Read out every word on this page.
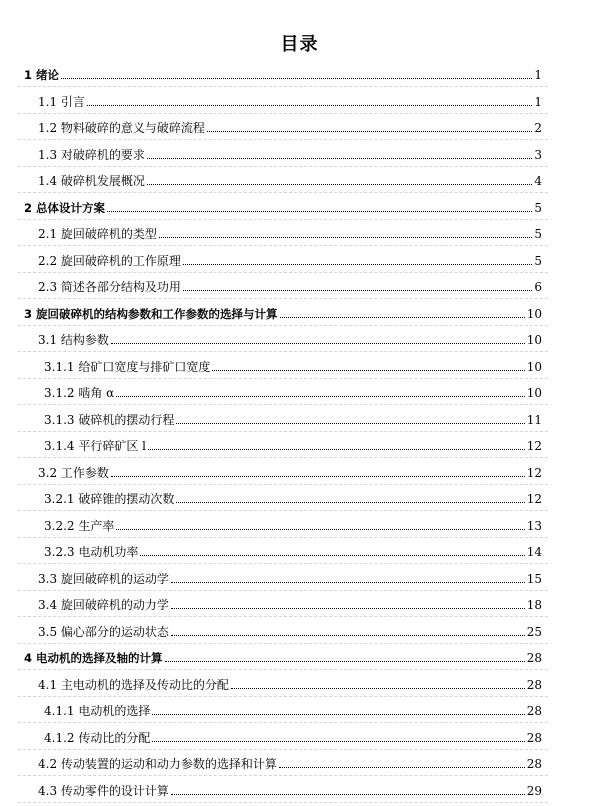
目录
1 绪论	1
1.1 引言	1
1.2 物料破碎的意义与破碎流程	2
1.3 对破碎机的要求	3
1.4 破碎机发展概况	4
2 总体设计方案	5
2.1 旋回破碎机的类型	5
2.2 旋回破碎机的工作原理	5
2.3 简述各部分结构及功用	6
3 旋回破碎机的结构参数和工作参数的选择与计算	10
3.1 结构参数	10
3.1.1 给矿口宽度与排矿口宽度	10
3.1.2 啮角 α	10
3.1.3 破碎机的摆动行程	11
3.1.4 平行碎矿区 l	12
3.2 工作参数	12
3.2.1 破碎锥的摆动次数	12
3.2.2 生产率	13
3.2.3 电动机功率	14
3.3 旋回破碎机的运动学	15
3.4 旋回破碎机的动力学	18
3.5 偏心部分的运动状态	25
4 电动机的选择及轴的计算	28
4.1 主电动机的选择及传动比的分配	28
4.1.1 电动机的选择	28
4.1.2 传动比的分配	28
4.2 传动装置的运动和动力参数的选择和计算	28
4.3 传动零件的设计计算	29
